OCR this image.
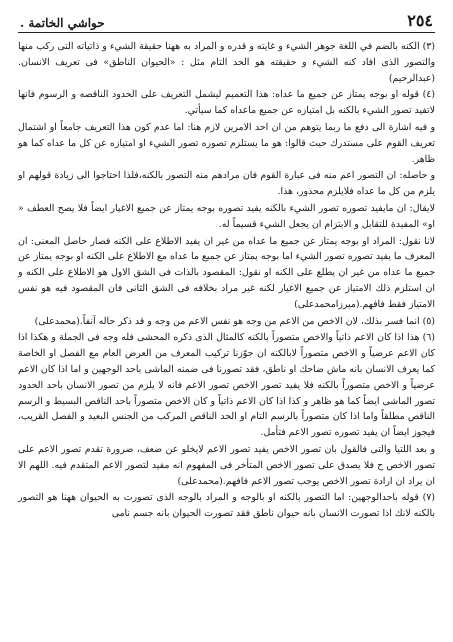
٢٥٤
حواشي الخاتمة .

(٣) الكنه بالضم في اللغة جوهر الشيء و غايته و قدره و المراد به ههنا حقيقة الشيء و ذاتياته التى ركب منها والتصور الذى افاد كنه الشيء و حقيقته هو الحد التام مثل : «الحيوان الناطق» فى تعريف الانسان.(عبدالرحيم)

(٤) قوله او بوجه يمتاز عن جميع ما عداه: هذا التعميم ليشمل التعريف على الحدود الناقصه و الرسوم فانها لاتفيد تصور الشيء بالكنه بل امتيازه عن جميع ماعداه كما سيأتي.

و فيه اشارة الى دفع ما ربما يتوهم من ان احد الامرين لازم هنا: اما عدم كون هذا التعريف جامعاً او اشتمال تعريف القوم على مستدرك حيث قالوا: هو ما يستلزم تصوره تصور الشيء او امتيازه عن كل ما عداه كما هو ظاهر.

و حاصله: ان التصور اعم منه فى عبارة القوم فان مرادهم منه التصور بالكنه،فلذا احتاجوا الى زيادة قولهم او يلزم من كل ما عداه فلايلزم محذور، هذا.

لايقال: ان مايفيد تصوره تصور الشيء بالكنه يفيد تصوره بوجه يمتاز عن جميع الاغيار ايضاً فلا يصح العطف « او» المفيدة للتقابل و الابتزام ان يجعل الشيء قسيماً له.

لانا نقول: المراد او بوجه يمتاز عن جميع ما عداه من غير ان يفيد الاطلاع على الكنه فصار حاصل المعنى: ان المعرف ما يفيد تصوره تصور الشيء اما بوجه يمتاز عن جميع ما عداه مع الاطلاع على الكنه او بوجه يمتاز عن جميع ما عداه من غير ان يطلع على الكنه او نقول: المقصود بالذات فى الشق الاول هو الاطلاع على الكنه و ان استلزم ذلك الامتياز عن جميع الاغيار لكنه غير مراد بخلافه فى الشق الثانى فان المقصود فيه هو نفس الامتياز فقط فافهم.(ميرزامحمدعلى)

(٥) انما فسر بذلك، لان الاخص من الاعم من وجه هو نفس الاعم من وجه و قد ذكر حاله آنفاً.(محمدعلى)

(٦) هذا اذا كان الاعم ذاتياً والاخص متصوراً بالكنه كالمثال الذى ذكره المحشى فله وجه فى الجملة و هكذا اذا كان الاعم عرضياً و الاخص متصوراً لابالكنه ان جوّزنا تركيب المعرف من العرض العام مع الفصل او الخاصة كما يعرف الانسان بانه ماش ضاحك او ناطق، فقد تصورنا فى ضمنه الماشى باحد الوجهين و اما اذا كان الاعم عرضياً و الاخص متصوراً بالكنه فلا يفيد تصور الاخص تصور الاعم فانه لا يلزم من تصور الانسان باحد الحدود تصور الماشى ايضاً كما هو ظاهر و كذا اذا كان الاعم ذاتياً و كان الاخص متصوراً باحد الناقص البسيط و الرسم الناقص مطلقاً واما اذا كان متصوراً بالرسم التام او الحد الناقص المركب من الجنس البعيد و الفصل القريب، فيجوز ايضاً ان يفيد تصوره تصور الاعم فتأمل.

و بعد اللتيا والتى فالقول بان تصور الاخص يفيد تصور الاعم لايخلو عن ضعف، ضرورة تقدم تصور الاعم على تصور الاخص ح فلا يصدق على تصور الاخص المتأخر فى المفهوم انه مفيد لتصور الاعم المتقدم فيه. اللهم الا ان يراد ان ارادة تصور الاخص يوجب تصور الاعم فافهم.(محمدعلى)

(٧) قوله باحدالوجهين: اما التصور بالكنه او بالوجه و المراد بالوجه الذى تصورت به الحيوان ههنا هو التصور بالكنه لانك اذا تصورت الانسان بانه حيوان ناطق فقد تصورت الحيوان بانه جسم نامى
